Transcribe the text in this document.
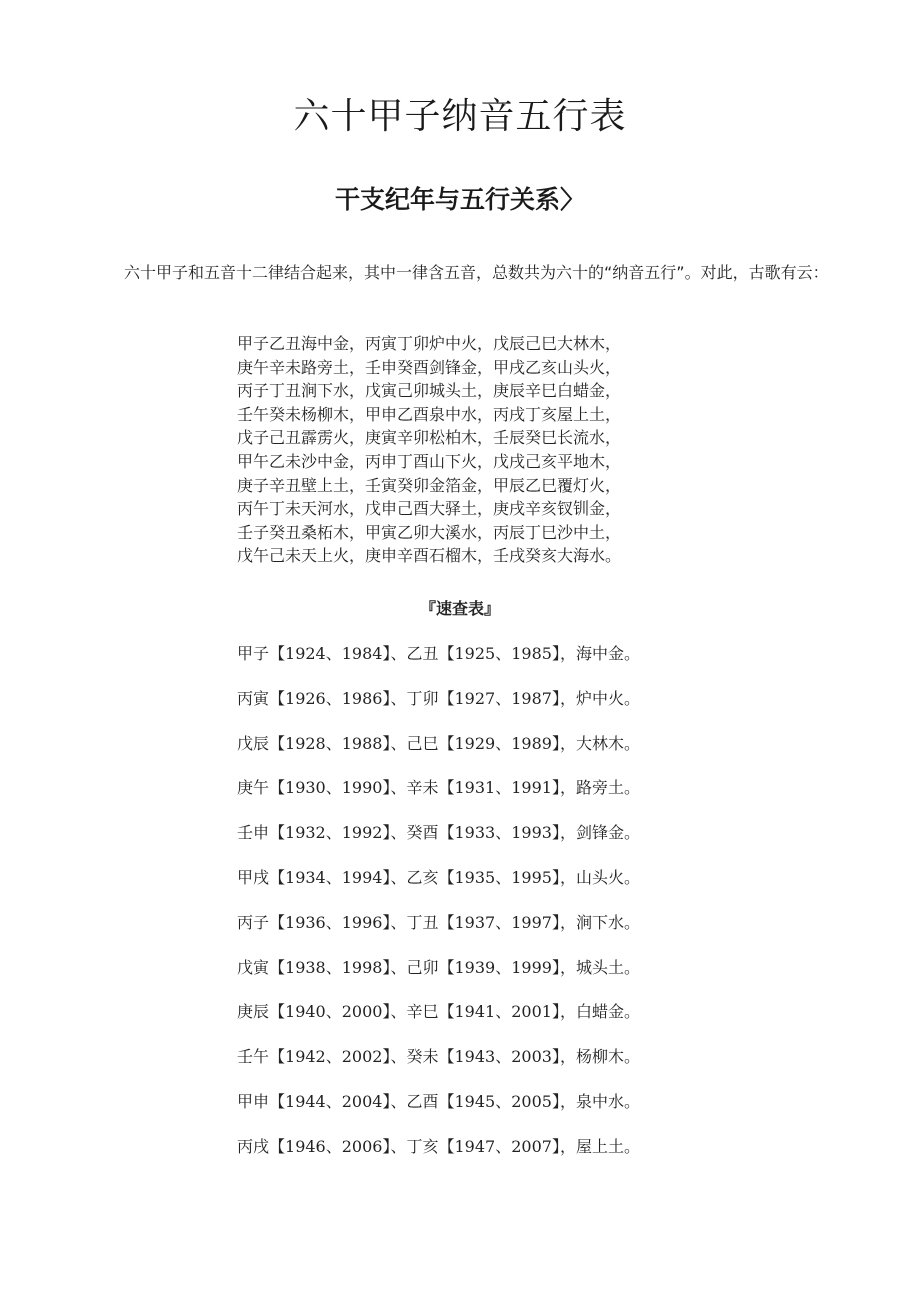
六十甲子纳音五行表
干支纪年与五行关系〉

六十甲子和五音十二律结合起来，其中一律含五音，总数共为六十的“纳音五行”。对此，古歌有云：

甲子乙丑海中金，丙寅丁卯炉中火，戊辰己巳大林木，
庚午辛未路旁土，壬申癸酉剑锋金，甲戌乙亥山头火，
丙子丁丑涧下水，戊寅己卯城头土，庚辰辛巳白蜡金，
壬午癸未杨柳木，甲申乙酉泉中水，丙戌丁亥屋上土，
戊子己丑霹雳火，庚寅辛卯松柏木，壬辰癸巳长流水，
甲午乙未沙中金，丙申丁酉山下火，戊戌己亥平地木，
庚子辛丑壁上土，壬寅癸卯金箔金，甲辰乙巳覆灯火，
丙午丁未天河水，戊申己酉大驿土，庚戌辛亥钗钏金，
壬子癸丑桑柘木，甲寅乙卯大溪水，丙辰丁巳沙中土，
戊午己未天上火，庚申辛酉石榴木，壬戌癸亥大海水。
『速查表』
甲子【1924、1984】、乙丑【1925、1985】，海中金。
丙寅【1926、1986】、丁卯【1927、1987】，炉中火。
戊辰【1928、1988】、己巳【1929、1989】，大林木。
庚午【1930、1990】、辛未【1931、1991】，路旁土。
壬申【1932、1992】、癸酉【1933、1993】，剑锋金。
甲戌【1934、1994】、乙亥【1935、1995】，山头火。
丙子【1936、1996】、丁丑【1937、1997】，涧下水。
戊寅【1938、1998】、己卯【1939、1999】，城头土。
庚辰【1940、2000】、辛巳【1941、2001】，白蜡金。
壬午【1942、2002】、癸未【1943、2003】，杨柳木。
甲申【1944、2004】、乙酉【1945、2005】，泉中水。
丙戌【1946、2006】、丁亥【1947、2007】，屋上土。
